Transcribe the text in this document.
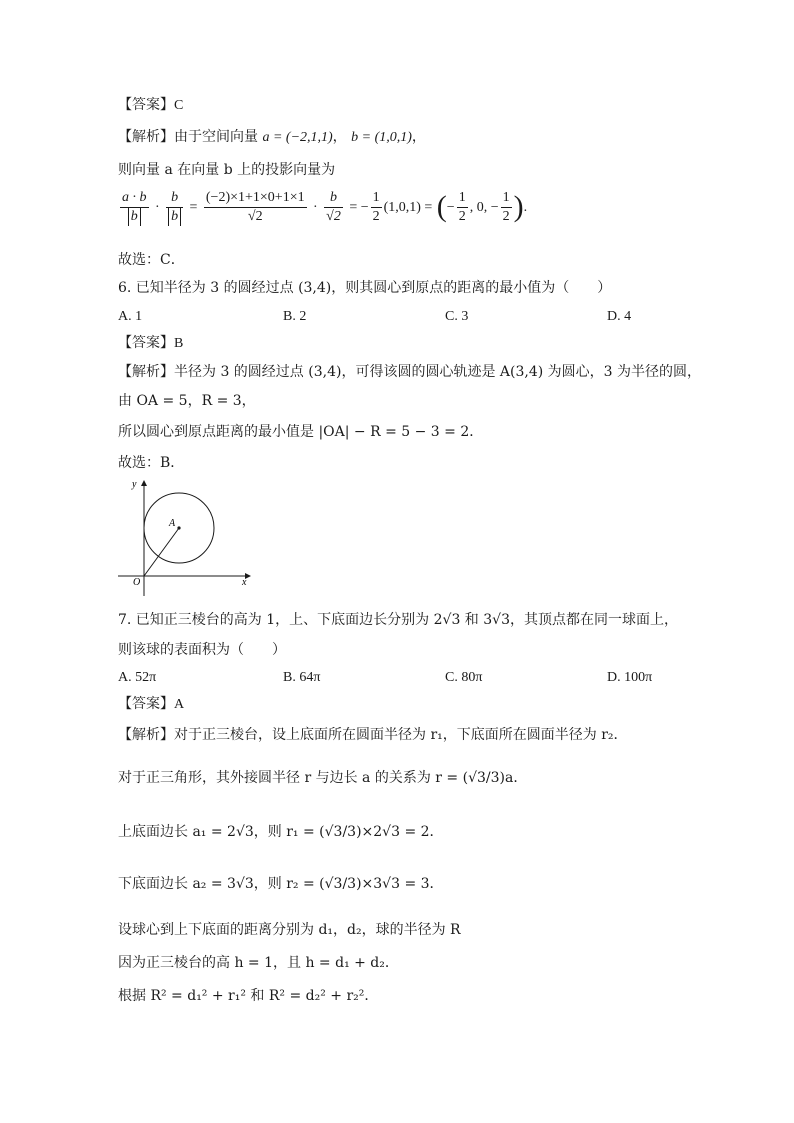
【答案】C
【解析】由于空间向量 a = (−2,1,1)， b = (1,0,1)，
则向量 a 在向量 b 上的投影向量为
$\frac{a \cdot b}{b} \cdot \frac{b}{b} = \frac{(-2)\times 1+1\times 0+1\times 1}{√2} \cdot \frac{b}{√2}$ = − $\frac{1}{2} (1,0,1)$ = (− $\frac{1}{2}$ , 0, − $\frac{1}{2}$ ).
故选：C．
6. 已知半径为 3 的圆经过点 (3,4)，则其圆心到原点的距离的最小值为（　　）
A. 1	B. 2	C. 3	D. 4
【答案】B
【解析】半径为 3 的圆经过点 (3,4)，可得该圆的圆心轨迹是 A(3,4) 为圆心，3 为半径的圆，
由 OA = 5，R = 3，
所以圆心到原点距离的最小值是 |OA| − R = 5 − 3 = 2．
故选：B．
y
x
O
A
7. 已知正三棱台的高为 1，上、下底面边长分别为 2√3 和 3√3，其顶点都在同一球面上，
则该球的表面积为（　　）
A. 52π	B. 64π	C. 80π	D. 100π
【答案】A
【解析】对于正三棱台，设上底面所在圆面半径为 r₁，下底面所在圆面半径为 r₂．
对于正三角形，其外接圆半径 r 与边长 a 的关系为 r = (√3/3)a．
上底面边长 a₁ = 2√3，则 r₁ = (√3/3)×2√3 = 2．
下底面边长 a₂ = 3√3，则 r₂ = (√3/3)×3√3 = 3．
设球心到上下底面的距离分别为 d₁，d₂，球的半径为 R
因为正三棱台的高 h = 1，且 h = d₁ + d₂．
根据 R² = d₁² + r₁² 和 R² = d₂² + r₂²．
